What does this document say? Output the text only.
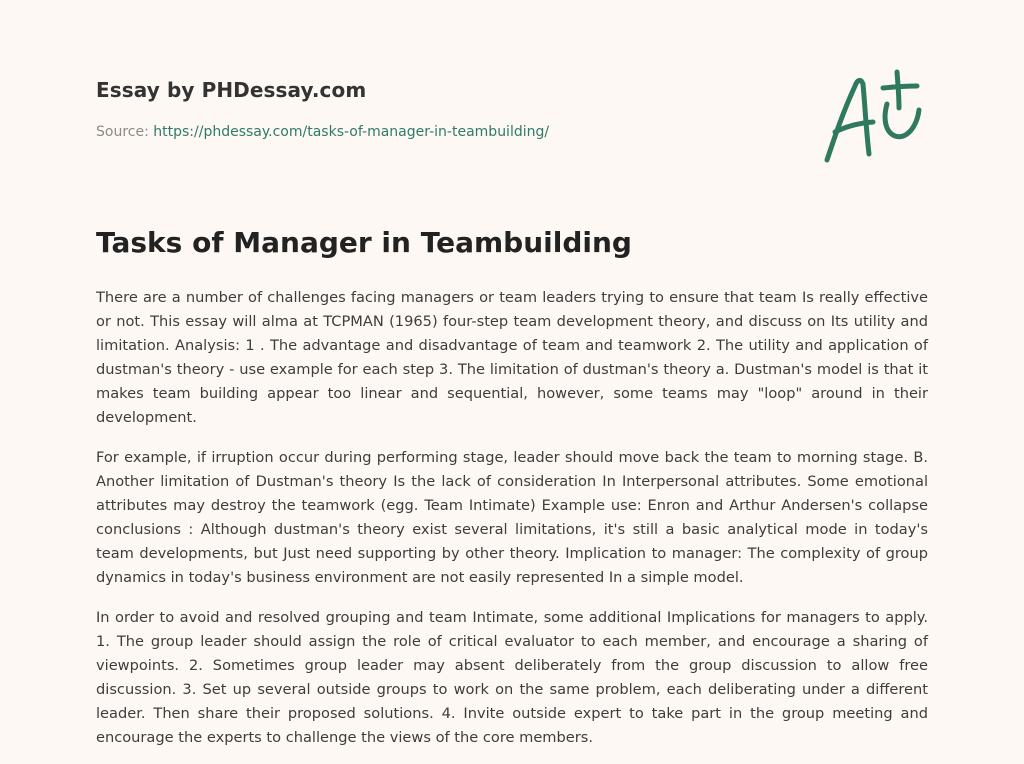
Essay by PHDessay.com
Source: https://phdessay.com/tasks-of-manager-in-teambuilding/
Tasks of Manager in Teambuilding

There are a number of challenges facing managers or team leaders trying to ensure that team Is really effective or not. This essay will alma at TCPMAN (1965) four-step team development theory, and discuss on Its utility and limitation. Analysis: 1 . The advantage and disadvantage of team and teamwork 2. The utility and application of dustman's theory - use example for each step 3. The limitation of dustman's theory a. Dustman's model is that it makes team building appear too linear and sequential, however, some teams may "loop" around in their development.

For example, if irruption occur during performing stage, leader should move back the team to morning stage. B. Another limitation of Dustman's theory Is the lack of consideration In Interpersonal attributes. Some emotional attributes may destroy the teamwork (egg. Team Intimate) Example use: Enron and Arthur Andersen's collapse conclusions : Although dustman's theory exist several limitations, it's still a basic analytical mode in today's team developments, but Just need supporting by other theory. Implication to manager: The complexity of group dynamics in today's business environment are not easily represented In a simple model.

In order to avoid and resolved grouping and team Intimate, some additional Implications for managers to apply. 1. The group leader should assign the role of critical evaluator to each member, and encourage a sharing of viewpoints. 2. Sometimes group leader may absent deliberately from the group discussion to allow free discussion. 3. Set up several outside groups to work on the same problem, each deliberating under a different leader. Then share their proposed solutions. 4. Invite outside expert to take part in the group meeting and encourage the experts to challenge the views of the core members.
